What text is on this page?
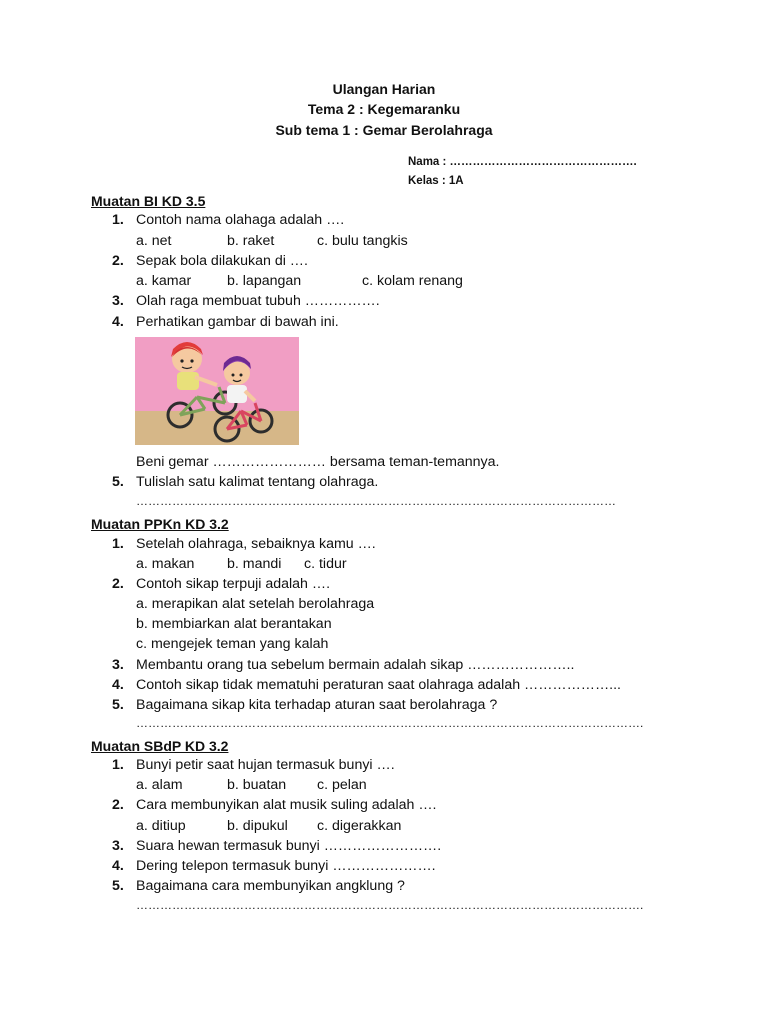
Ulangan Harian
Tema 2 : Kegemaranku
Sub tema 1 : Gemar Berolahraga
Nama : ………………………………………….
Kelas : 1A
Muatan BI KD 3.5
1. Contoh nama olahaga adalah ….
a. net	b. raket	c. bulu tangkis
2. Sepak bola dilakukan di ….
a. kamar	b. lapangan	c. kolam renang
3. Olah raga membuat tubuh …………….
4. Perhatikan gambar di bawah ini.
Beni gemar …………………… bersama teman-temannya.
5. Tulislah satu kalimat tentang olahraga.
…………………………………………………………………………………………………………
Muatan PPKn KD 3.2
1. Setelah olahraga, sebaiknya kamu ….
a. makan b. mandi c. tidur
2. Contoh sikap terpuji adalah ….
a. merapikan alat setelah berolahraga
b. membiarkan alat berantakan
c. mengejek teman yang kalah
3. Membantu orang tua sebelum bermain adalah sikap …………………..
4. Contoh sikap tidak mematuhi peraturan saat olahraga adalah ………………...
5. Bagaimana sikap kita terhadap aturan saat berolahraga ?
……………………………………………………………………………………………………………….
Muatan SBdP KD 3.2
1. Bunyi petir saat hujan termasuk bunyi ….
a. alam	b. buatan c. pelan
2. Cara membunyikan alat musik suling adalah ….
a. ditiup	b. dipukul c. digerakkan
3. Suara hewan termasuk bunyi …………………….
4. Dering telepon termasuk bunyi ………………….
5. Bagaimana cara membunyikan angklung ?
……………………………………………………………………………………………………………….
